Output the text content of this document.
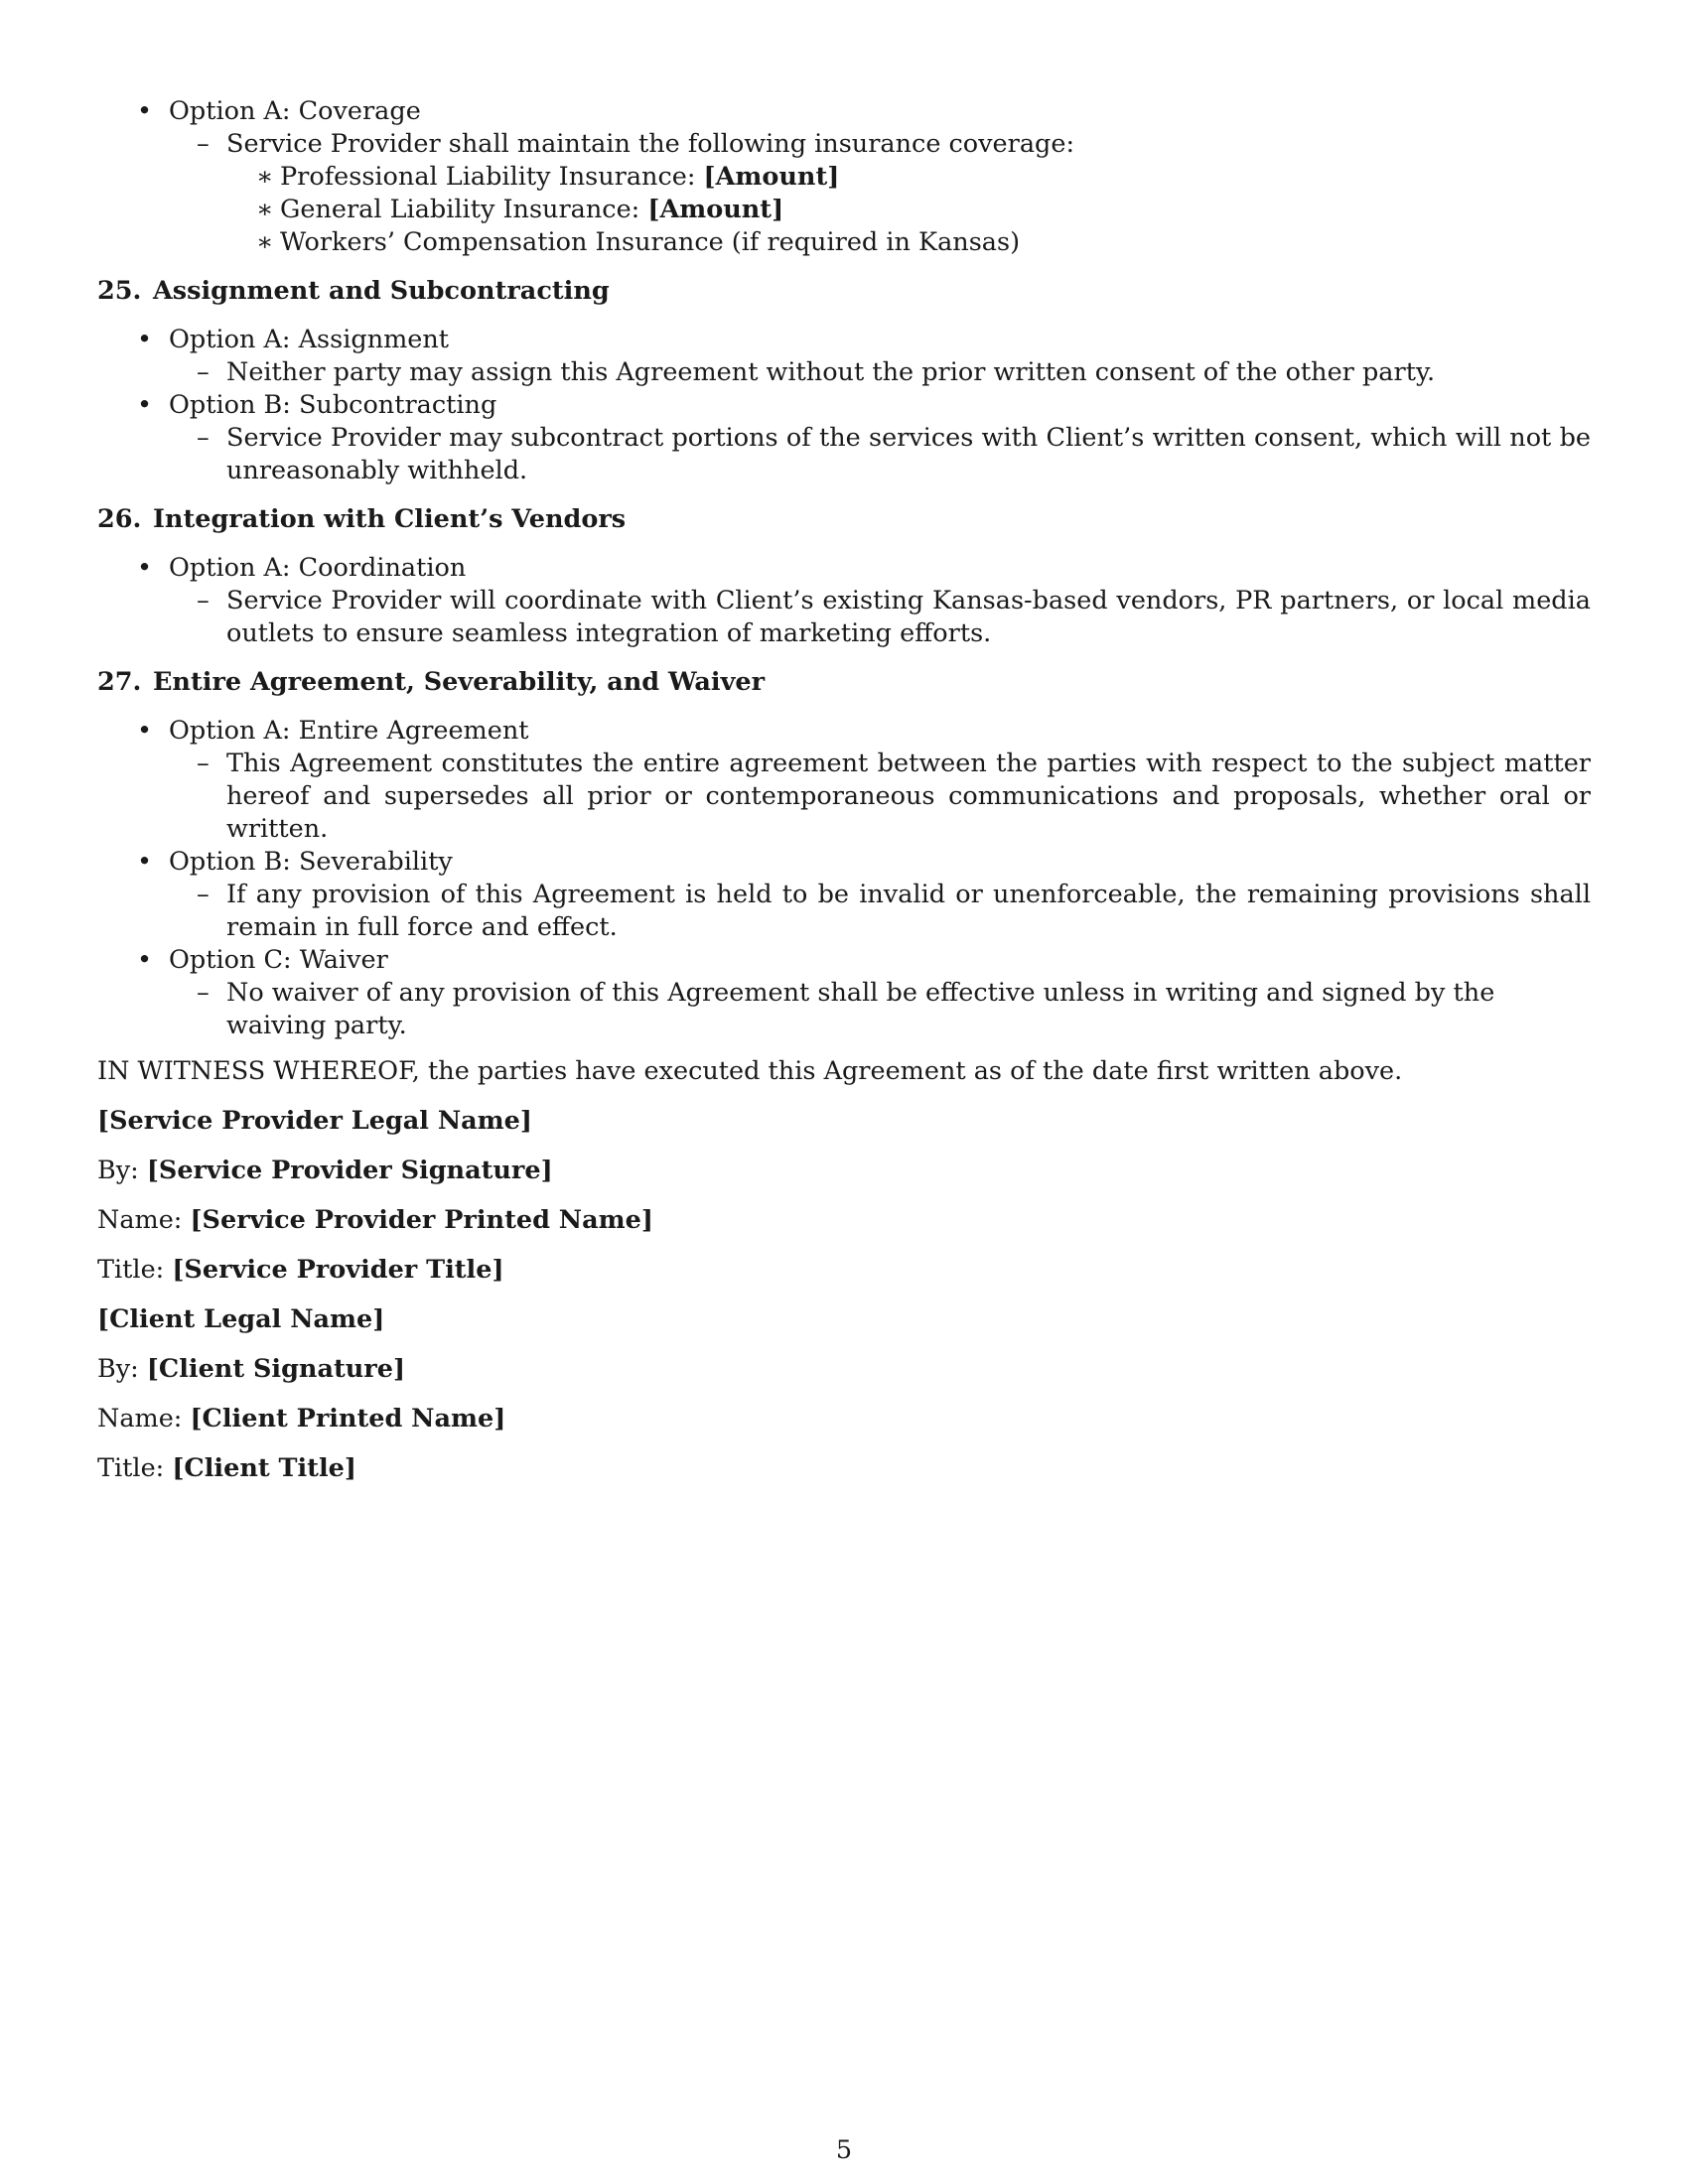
• Option A: Coverage
– Service Provider shall maintain the following insurance coverage:
∗ Professional Liability Insurance: [Amount]
∗ General Liability Insurance: [Amount]
∗ Workers’ Compensation Insurance (if required in Kansas)
25. Assignment and Subcontracting
• Option A: Assignment
– Neither party may assign this Agreement without the prior written consent of the other party.
• Option B: Subcontracting
– Service Provider may subcontract portions of the services with Client’s written consent, which will not be unreasonably withheld.
26. Integration with Client’s Vendors
• Option A: Coordination
– Service Provider will coordinate with Client’s existing Kansas-based vendors, PR partners, or local media outlets to ensure seamless integration of marketing efforts.
27. Entire Agreement, Severability, and Waiver
• Option A: Entire Agreement
– This Agreement constitutes the entire agreement between the parties with respect to the subject matter hereof and supersedes all prior or contemporaneous communications and proposals, whether oral or written.
• Option B: Severability
– If any provision of this Agreement is held to be invalid or unenforceable, the remaining provisions shall remain in full force and effect.
• Option C: Waiver
– No waiver of any provision of this Agreement shall be effective unless in writing and signed by the waiving party.

IN WITNESS WHEREOF, the parties have executed this Agreement as of the date first written above.

[Service Provider Legal Name]

By: [Service Provider Signature]

Name: [Service Provider Printed Name]

Title: [Service Provider Title]

[Client Legal Name]

By: [Client Signature]

Name: [Client Printed Name]

Title: [Client Title]

5
